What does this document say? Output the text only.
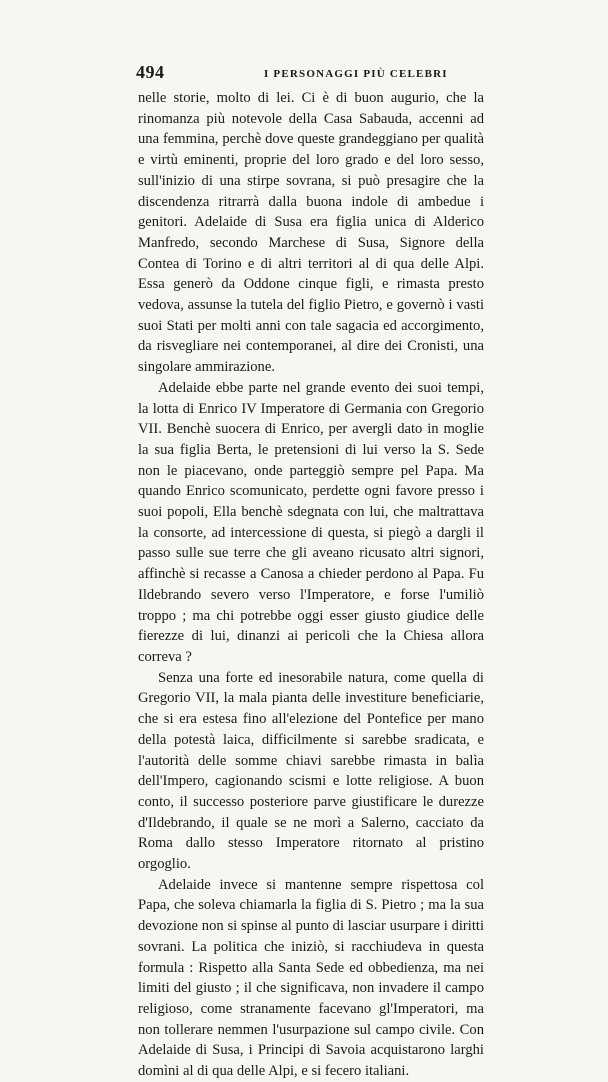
494	I PERSONAGGI PIÙ CELEBRI

nelle storie, molto di lei. Ci è di buon augurio, che la rinomanza più notevole della Casa Sabauda, accenni ad una femmina, perchè dove queste grandeggiano per qualità e virtù eminenti, proprie del loro grado e del loro sesso, sull'inizio di una stirpe sovrana, si può presagire che la discendenza ritrarrà dalla buona indole di ambedue i genitori. Adelaide di Susa era figlia unica di Alderico Manfredo, secondo Marchese di Susa, Signore della Contea di Torino e di altri territori al di qua delle Alpi. Essa generò da Oddone cinque figli, e rimasta presto vedova, assunse la tutela del figlio Pietro, e governò i vasti suoi Stati per molti anni con tale sagacia ed accorgimento, da risvegliare nei contemporanei, al dire dei Cronisti, una singolare ammirazione.

Adelaide ebbe parte nel grande evento dei suoi tempi, la lotta di Enrico IV Imperatore di Germania con Gregorio VII. Benchè suocera di Enrico, per avergli dato in moglie la sua figlia Berta, le pretensioni di lui verso la S. Sede non le piacevano, onde parteggiò sempre pel Papa. Ma quando Enrico scomunicato, perdette ogni favore presso i suoi popoli, Ella benchè sdegnata con lui, che maltrattava la consorte, ad intercessione di questa, si piegò a dargli il passo sulle sue terre che gli aveano ricusato altri signori, affinchè si recasse a Canosa a chieder perdono al Papa. Fu Ildebrando severo verso l'Imperatore, e forse l'umiliò troppo ; ma chi potrebbe oggi esser giusto giudice delle fierezze di lui, dinanzi ai pericoli che la Chiesa allora correva ?

Senza una forte ed inesorabile natura, come quella di Gregorio VII, la mala pianta delle investiture beneficiarie, che si era estesa fino all'elezione del Pontefice per mano della potestà laica, difficilmente si sarebbe sradicata, e l'autorità delle somme chiavi sarebbe rimasta in balìa dell'Impero, cagionando scismi e lotte religiose. A buon conto, il successo posteriore parve giustificare le durezze d'Ildebrando, il quale se ne morì a Salerno, cacciato da Roma dallo stesso Imperatore ritornato al pristino orgoglio.

Adelaide invece si mantenne sempre rispettosa col Papa, che soleva chiamarla la figlia di S. Pietro ; ma la sua devozione non si spinse al punto di lasciar usurpare i diritti sovrani. La politica che iniziò, si racchiudeva in questa formula : Rispetto alla Santa Sede ed obbedienza, ma nei limiti del giusto ; il che significava, non invadere il campo religioso, come stranamente facevano gl'Imperatori, ma non tollerare nemmen l'usurpazione sul campo civile. Con Adelaide di Susa, i Principi di Savoia acquistarono larghi domìni al di qua delle Alpi, e si fecero italiani.
